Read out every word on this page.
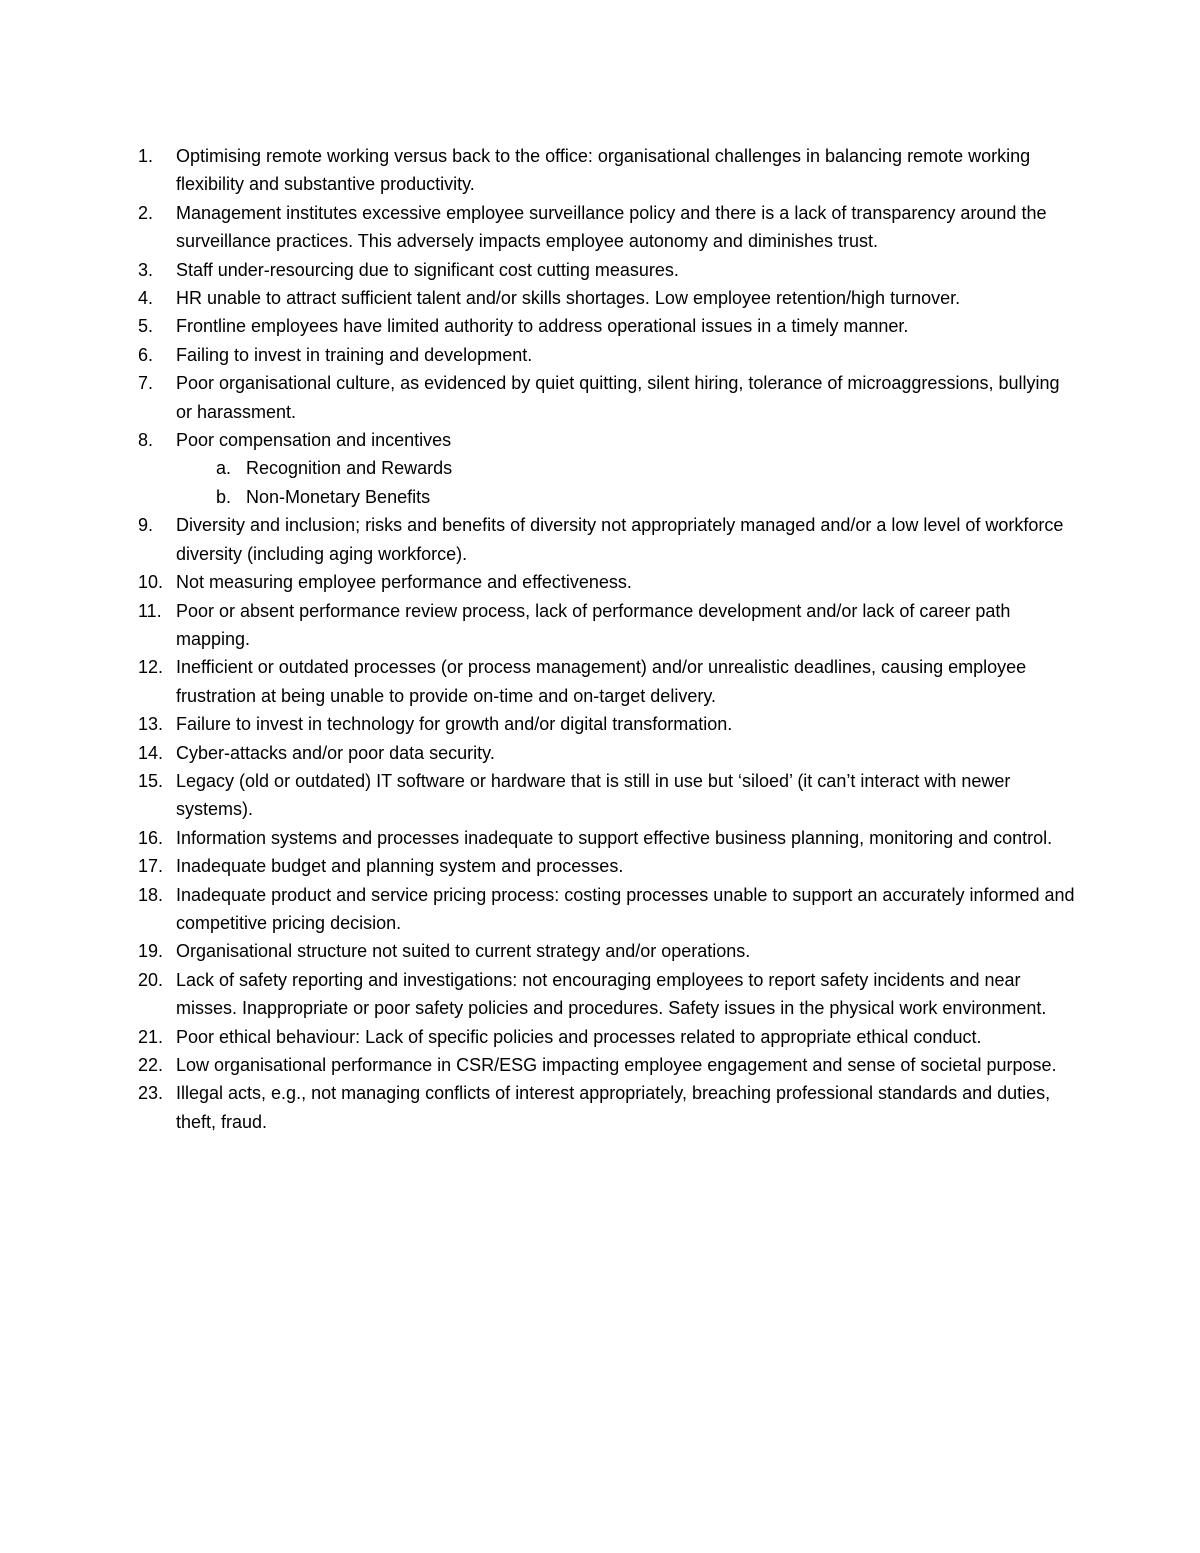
1.	Optimising remote working versus back to the office: organisational challenges in balancing remote working flexibility and substantive productivity.
2.	Management institutes excessive employee surveillance policy and there is a lack of transparency around the surveillance practices. This adversely impacts employee autonomy and diminishes trust.
3.	Staff under-resourcing due to significant cost cutting measures.
4.	HR unable to attract sufficient talent and/or skills shortages. Low employee retention/high turnover.
5.	Frontline employees have limited authority to address operational issues in a timely manner.
6.	Failing to invest in training and development.
7.	Poor organisational culture, as evidenced by quiet quitting, silent hiring, tolerance of microaggressions, bullying or harassment.
8.	Poor compensation and incentives
a. Recognition and Rewards
b. Non-Monetary Benefits
9.	Diversity and inclusion; risks and benefits of diversity not appropriately managed and/or a low level of workforce diversity (including aging workforce).
10. Not measuring employee performance and effectiveness.
11. Poor or absent performance review process, lack of performance development and/or lack of career path mapping.
12. Inefficient or outdated processes (or process management) and/or unrealistic deadlines, causing employee frustration at being unable to provide on-time and on-target delivery.
13. Failure to invest in technology for growth and/or digital transformation.
14. Cyber-attacks and/or poor data security.
15. Legacy (old or outdated) IT software or hardware that is still in use but ‘siloed’ (it can’t interact with newer systems).
16. Information systems and processes inadequate to support effective business planning, monitoring and control.
17. Inadequate budget and planning system and processes.
18. Inadequate product and service pricing process: costing processes unable to support an accurately informed and competitive pricing decision.
19. Organisational structure not suited to current strategy and/or operations.
20. Lack of safety reporting and investigations: not encouraging employees to report safety incidents and near misses. Inappropriate or poor safety policies and procedures. Safety issues in the physical work environment.
21. Poor ethical behaviour: Lack of specific policies and processes related to appropriate ethical conduct.
22. Low organisational performance in CSR/ESG impacting employee engagement and sense of societal purpose.
23. Illegal acts, e.g., not managing conflicts of interest appropriately, breaching professional standards and duties, theft, fraud.
